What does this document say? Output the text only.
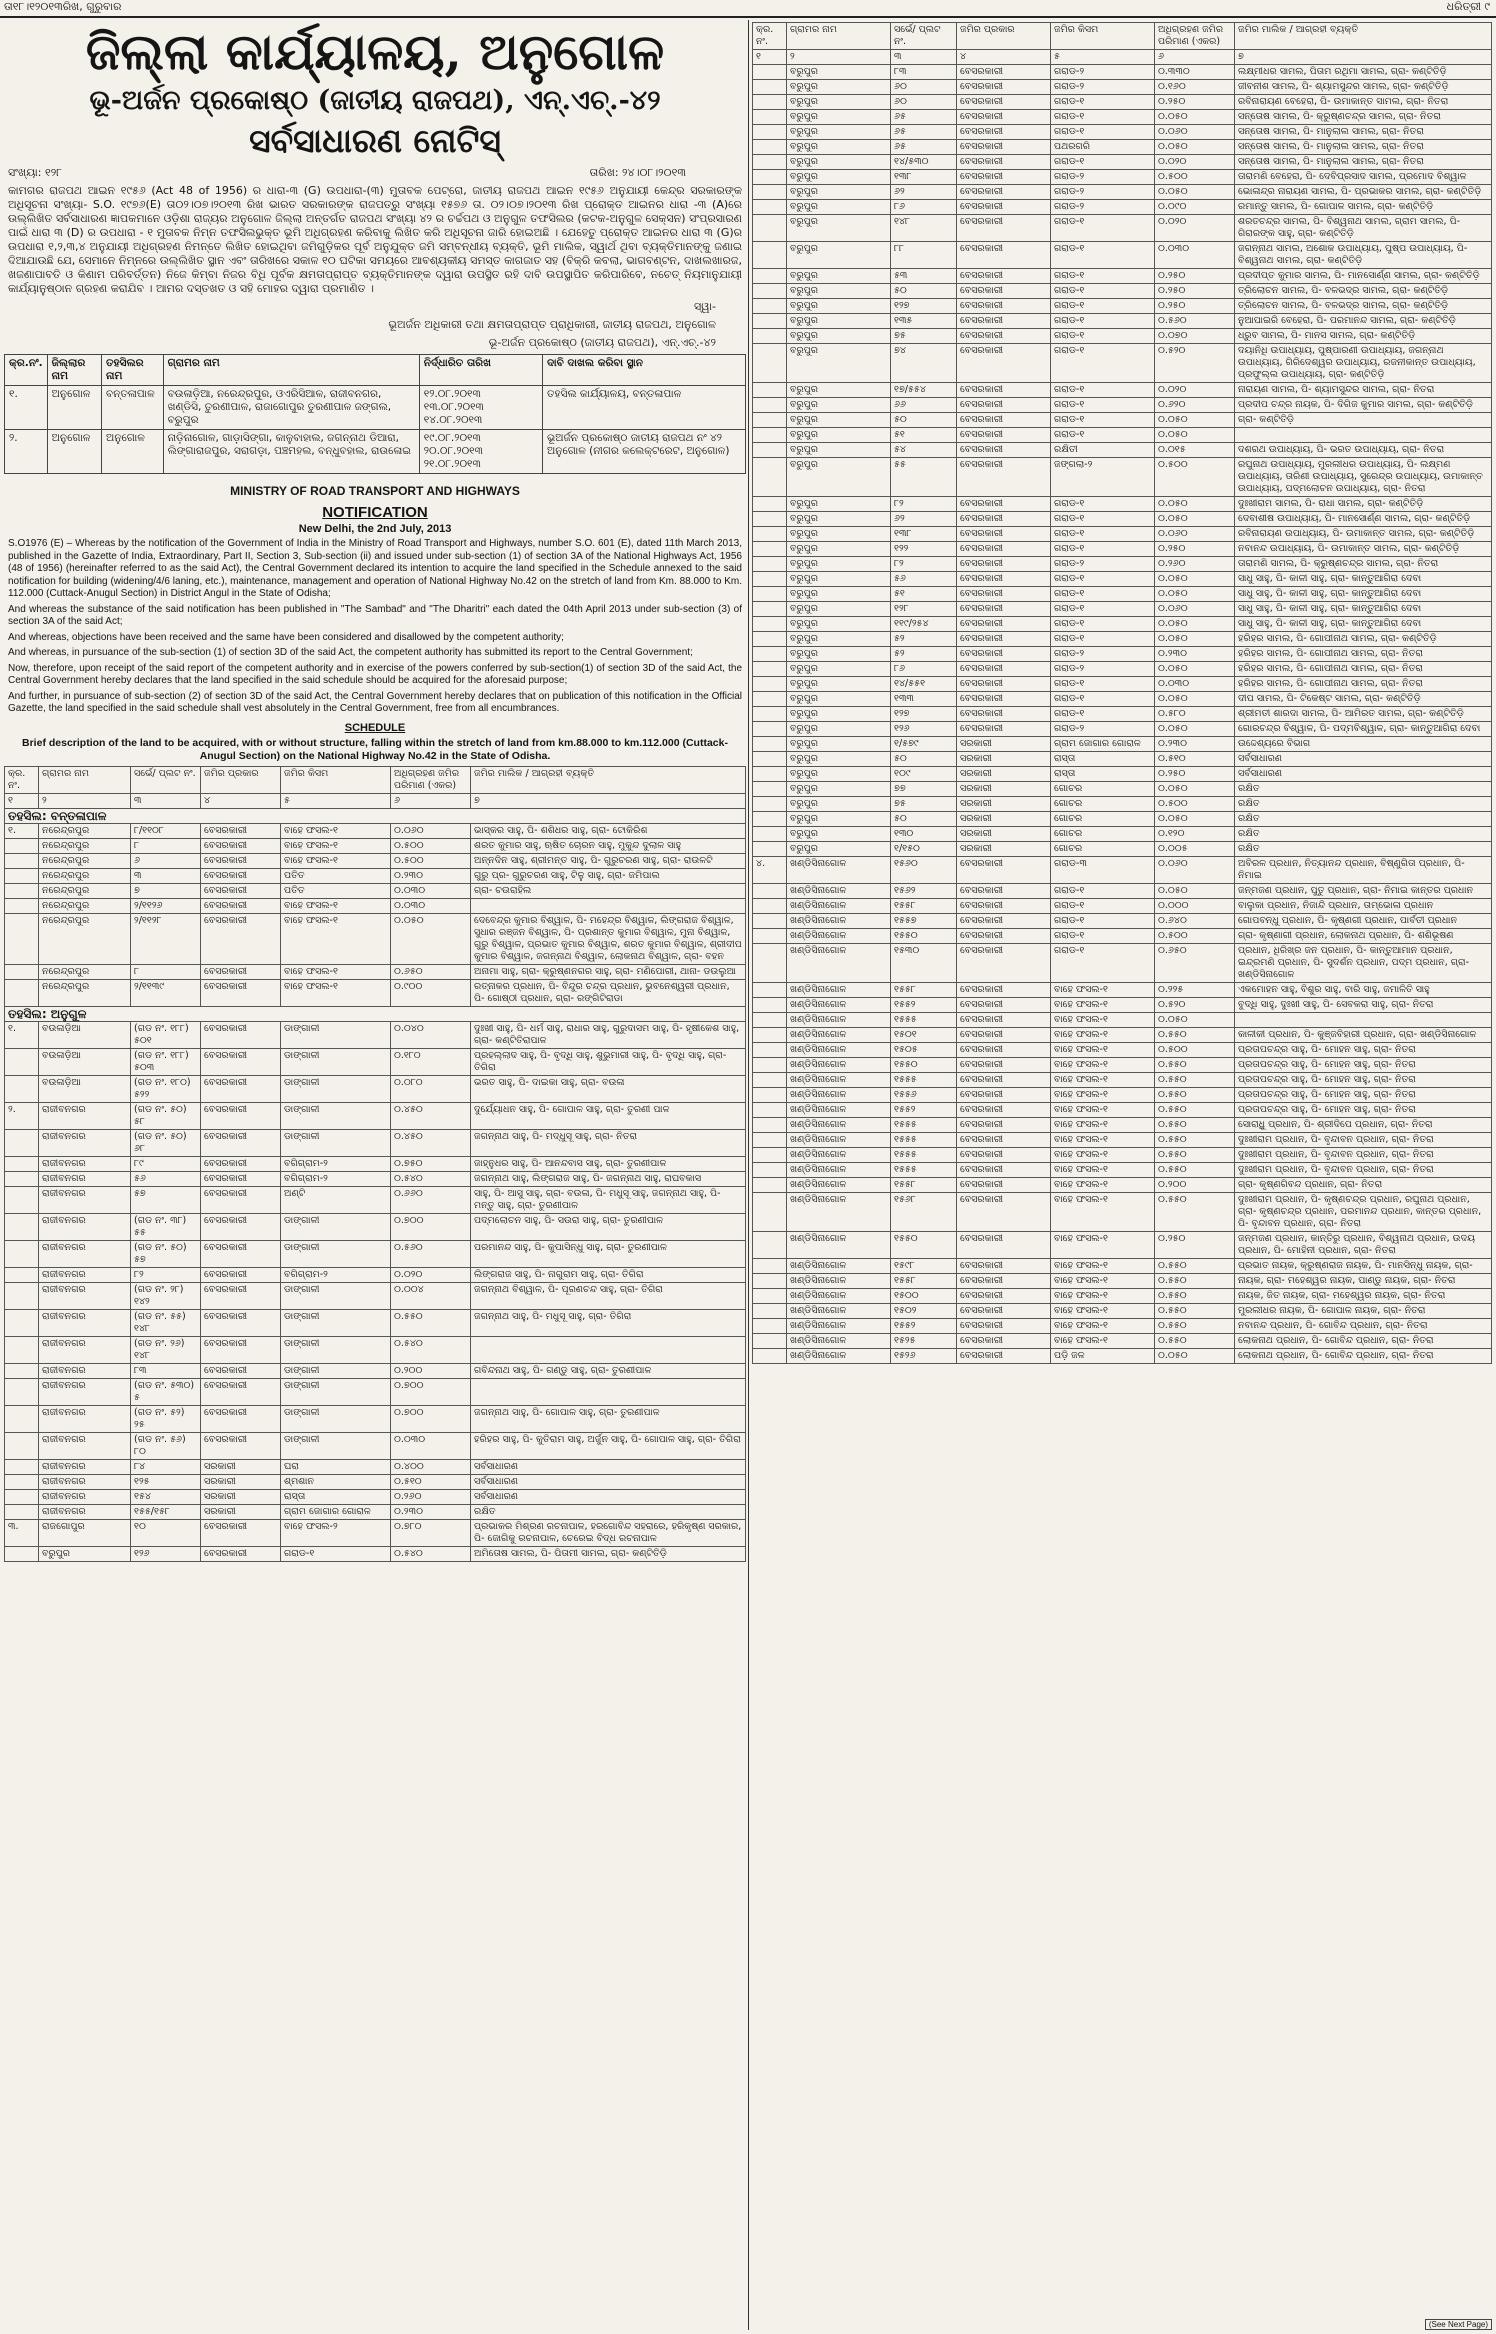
ତା୧୮।୧୨୦୧୩ରିଖ, ଗୁରୁବାର	ଧରିତ୍ରୀ ୯
ଜିଲ୍ଲା କାର୍ଯ୍ୟାଳୟ, ଅନୁଗୋଳ
ଭୂ-ଅର୍ଜନ ପ୍ରକୋଷ୍ଠ (ଜାତୀୟ ରାଜପଥ), ଏନ୍.ଏଚ୍.-୪୨
ସର୍ବସାଧାରଣ ନୋଟିସ୍
ସଂଖ୍ୟା: ୧୨୮	ତାରିଖ: ୨୪।୦୮।୨୦୧୩
କାମଗର ରାଜପଥ ଆଇନ ୧୯୫୬ (Act 48 of 1956) ର ଧାରା-୩ (G) ଉପଧାରା-(୩) ମୁତାବକ ପେଟ୍ରୋ, ଜାତୀୟ ରାଜପଥ ଆଇନ ୧୯୫୬ ଅନୁଯାୟୀ କେନ୍ଦ୍ର ସରକାରଙ୍କ ଅଧିସୂଚନା ସଂଖ୍ୟା- S.O. ୧୯୭୬(E) ତା୦୨।୦୭।୨୦୧୩ ରିଖ ଭାରତ ସରକାରଙ୍କ ରାଜପତ୍ରୁ ସଂଖ୍ୟା ୧୫୭୬ ତା. ୦୨।୦୭।୨୦୧୩ ରିଖ ପ୍ରୋକ୍ତ ଆଇନର ଧାରା -୩ (A)ରେ ଉଲ୍ଲିଖିତ ସର୍ବସାଧାରଣ ଜ୍ଞାପକମାନେ ଓଡ଼ିଶା ରାଜ୍ୟର ଅନୁଗୋଳ ଜିଲ୍ଲା ଅନ୍ତର୍ଗତ ରାଜପଥ ସଂଖ୍ୟା ୪୨ ର ଚର୍ଚ୍ଚପଥ ଓ ଅନୁଗୁଳ ତଫସିଲର (କଟକ-ଅନୁଗୁଳ ସେକ୍ସନ) ସଂପ୍ରସାରଣ ପାଇଁ ଧାରା ୩ (D) ର ଉପଧାରା - ୧ ମୁତାବକ ନିମ୍ନ ତଫସିଲଭୁକ୍ତ ଭୂମି ଅଧିଗ୍ରହଣ କରିବାକୁ ଲିଖିତ କରି ଅଧିସୂଚନା ଜାରି ହୋଇଅଛି । ଯେହେତୁ ପ୍ରୋକ୍ତ ଆଇନର ଧାରା ୩ (G)ର ଉପଧାରା ୧,୨,୩,୪ ଅନୁଯାୟୀ ଅଧିଗ୍ରହଣ ନିମନ୍ତେ ଲିଖିତ ହୋଇଥିବା ଜମିଗୁଡ଼ିକର ପୂର୍ବ ଅନୁଯୁକ୍ତ ଜମି ସମ୍ବନ୍ଧୀୟ ବ୍ୟକ୍ତି, ଭୂମି ମାଲିକ, ସ୍ୱାର୍ଥ ଥିବା ବ୍ୟକ୍ତିମାନଙ୍କୁ ଜଣାଇ ଦିଆଯାଉଛି ଯେ, ସେମାନେ ନିମ୍ନରେ ଉଲ୍ଲିଖିତ ସ୍ଥାନ ଏବଂ ତାରିଖରେ ସକାଳ ୧୦ ଘଟିକା ସମୟରେ ଆବଶ୍ୟକୀୟ ସମସ୍ତ କାଗଜାତ ସହ (ବିକ୍ରି କବଲା, ଭାଗବଣ୍ଟନ, ଦାଖଲଖାରଜ, ଖଜଣାପାବତି ଓ କିଣାମ ପରିବର୍ତ୍ତନ) ନିଜେ କିମ୍ବା ନିଜର ବିଧି ପୂର୍ବକ କ୍ଷମତାପ୍ରାପ୍ତ ବ୍ୟକ୍ତିମାନଙ୍କ ଦ୍ୱାରା ଉପସ୍ଥିତ ରହି ଦାବି ଉପସ୍ଥାପିତ କରିପାରିବେ, ନଚେତ୍ ନିୟମାନୁଯାୟୀ କାର୍ଯ୍ୟାନୁଷ୍ଠାନ ଗ୍ରହଣ କରାଯିବ । ଆମର ଦସ୍ତଖତ ଓ ସହି ମୋହର ଦ୍ୱାରା ପ୍ରମାଣିତ ।
ସ୍ୱା-
ଭୂଅର୍ଜନ ଅଧିକାରୀ ତଥା କ୍ଷମତାପ୍ରାପ୍ତ ପ୍ରାଧିକାରୀ, ଜାତୀୟ ରାଜପଥ, ଅନୁଗୋଳ
ଭୂ-ଅର୍ଜନ ପ୍ରକୋଷ୍ଠ (ଜାତୀୟ ରାଜପଥ), ଏନ୍.ଏଚ୍.-୪୨
କ୍ର.ନଂ.	ଜିଲ୍ଲାର ନାମ	ତହସିଲର ନାମ	ଗ୍ରାମର ନାମ	ନିର୍ଦ୍ଧାରିତ ତାରିଖ	ଦାବି ଦାଖଲ କରିବା ସ୍ଥାନ
୧.	ଅନୁଗୋଳ	ବନ୍ତଳାପାଳ	ବଉଳାଡ଼ିଆ, ନରେନ୍ଦ୍ରପୁର, ଓଏରିସିଆଳ, ରାଜୀବନଗର, ଖଣ୍ଡିସି, ତୁରଣୀପାଳ, ରାଜାଗୋପୁର ତୁରଣୀପାଳ ଜଙ୍ଗଲ, ବରୁପୁର	୧୨.୦୮.୨୦୧୩ ୧୩.୦୮.୨୦୧୩ ୧୪.୦୮.୨୦୧୩	ତହସିଲ କାର୍ଯ୍ୟାଳୟ, ବନ୍ତଳାପାଳ
୨.	ଅନୁଗୋଳ	ଅନୁଗୋଳ	ନାଡ଼ିନାଗୋଳ, ଗାଡ଼ାସିଙ୍ଗା, କାଳୁବାହାଲ, ଜଗନ୍ନାଥ ଡିଆରା, ଲିଙ୍ଗାରାଜପୁର, ସରାଗଡ଼ା, ପଞ୍ଚମହଲ, ବନ୍ଧୁବହାଲ, ରାଉଳୋଇ	୧୯.୦୮.୨୦୧୩ ୨୦.୦୮.୨୦୧୩ ୨୧.୦୮.୨୦୧୩	ଭୂଅର୍ଜନ ପ୍ରକୋଷ୍ଠ ଜାତୀୟ ରାଜପଥ ନଂ ୪୨ ଅନୁଗୋଳ (ନୀଗର କଲେକ୍ଟରେଟ, ଅନୁଗୋଳ)
MINISTRY OF ROAD TRANSPORT AND HIGHWAYS
NOTIFICATION
New Delhi, the 2nd July, 2013
S.O1976 (E) – Whereas by the notification of the Government of India in the Ministry of Road Transport and Highways, number S.O. 601 (E), dated 11th March 2013, published in the Gazette of India, Extraordinary, Part II, Section 3, Sub-section (ii) and issued under sub-section (1) of section 3A of the National Highways Act, 1956 (48 of 1956) (hereinafter referred to as the said Act), the Central Government declared its intention to acquire the land specified in the Schedule annexed to the said notification for building (widening/4/6 laning, etc.), maintenance, management and operation of National Highway No.42 on the stretch of land from Km. 88.000 to Km. 112.000 (Cuttack-Anugul Section) in District Angul in the State of Odisha;
And whereas the substance of the said notification has been published in "The Sambad" and "The Dharitri" each dated the 04th April 2013 under sub-section (3) of section 3A of the said Act;
And whereas, objections have been received and the same have been considered and disallowed by the competent authority;
And whereas, in pursuance of the sub-section (1) of section 3D of the said Act, the competent authority has submitted its report to the Central Government;
Now, therefore, upon receipt of the said report of the competent authority and in exercise of the powers conferred by sub-section(1) of section 3D of the said Act, the Central Government hereby declares that the land specified in the said schedule should be acquired for the aforesaid purpose;
And further, in pursuance of sub-section (2) of section 3D of the said Act, the Central Government hereby declares that on publication of this notification in the Official Gazette, the land specified in the said schedule shall vest absolutely in the Central Government, free from all encumbrances.
SCHEDULE
Brief description of the land to be acquired, with or without structure, falling within the stretch of land from km.88.000 to km.112.000 (Cuttack-Anugul Section) on the National Highway No.42 in the State of Odisha.
କ୍ର. ନଂ.	ଗ୍ରାମର ନାମ	ସର୍ଭେ/ ପ୍ଲଟ ନଂ.	ଜମିର ପ୍ରକାର	ଜମିର କିସମ	ଅଧିଗ୍ରହଣ ଜମିର ପରିମାଣ (ଏକର)	ଜମିର ମାଲିକ / ଆଗ୍ରହୀ ବ୍ୟକ୍ତି
୧	୨	୩	୪	୫	୬	୭
ତହସିଲ: ବନ୍ତଳାପାଳ						
୧.	ନରେନ୍ଦ୍ରପୁର	୮/୧୧୦୮	ବେସରକାରୀ	ବାହେ ଫସଲ-୧	୦.୦୬୦	ଭାସ୍କର ସାହୁ, ପି- ଶଶିଧର ସାହୁ, ଗ୍ରା- ଟୋକିରିଶ
	ନରେନ୍ଦ୍ରପୁର	୮	ବେସରକାରୀ	ବାହେ ଫସଲ-୧	୦.୫୦୦	ଶରତ କୁମାର ସାହୁ, ଋଷିତ ଚୋରନ ସାହୁ, ମୁକୁନ୍ଦ ଦୁଲାଳ ସାହୁ
	ନରେନ୍ଦ୍ରପୁର	୬	ବେସରକାରୀ	ବାହେ ଫସଲ-୧	୦.୫୦୦	ଅନ୍ନଦିନ ସାହୁ, ଶ୍ରୀମନ୍ତ ସାହୁ, ପି- ଗୁରୁଚରଣ ସାହୁ, ଗ୍ରା- ରାଉଳଟି
	ନରେନ୍ଦ୍ରପୁର	୩	ବେସରକାରୀ	ପତିତ	୦.୨୩୦	ଗୁରୁ ପ୍ର- ଗୁରୁଚରଣ ସାହୁ, ଟିଳୁ ସାହୁ, ଗ୍ରା- ଜମିପାଲ
	ନରେନ୍ଦ୍ରପୁର	୭	ବେସରକାରୀ	ପତିତ	୦.୦୩୦	ଗ୍ରା- ଚଉରାହିଲ
	ନରେନ୍ଦ୍ରପୁର	୨/୧୧୨୬	ବେସରକାରୀ	ବାହେ ଫସଲ-୧	୦.୦୩୦	
	ନରେନ୍ଦ୍ରପୁର	୨/୧୧୨୮	ବେସରକାରୀ	ବାହେ ଫସଲ-୧	୦.୦୫୦	ଦେବେନ୍ଦ୍ର କୁମାର ବିଶ୍ୱାଳ, ପି- ମହେନ୍ଦ୍ର ବିଶ୍ୱାଳ, ଲିଙ୍ଗରାଜ ବିଶ୍ୱାଳ, ସୁଧାର ରଞ୍ଜନ ବିଶ୍ୱାଳ, ପି- ପ୍ରଶାନ୍ତ କୁମାର ବିଶ୍ୱାଳ, ମୁନା ବିଶ୍ୱାଳ, ଗୁରୁ ବିଶ୍ୱାଳ, ପ୍ରଭାତ କୁମାର ବିଶ୍ୱାଳ, ଶରତ କୁମାର ବିଶ୍ୱାଳ, ଶ୍ରୀଦୀପ କୁମାର ବିଶ୍ୱାଳ, ଜଗନ୍ନାଥ ବିଶ୍ୱାଳ, ଲୋକନାଥ ବିଶ୍ୱାଳ, ଗ୍ରା- ବହନ
	ନରେନ୍ଦ୍ରପୁର	୮	ବେସରକାରୀ	ବାହେ ଫସଲ-୧	୦.୬୫୦	ଅନାମା ସାହୁ, ଗ୍ରା- କ୍ରୁଷ୍ଣନଗର ସାହୁ, ଗ୍ରା- ମଣିପୋରୀ, ଥାନା- ଡଉଲୁଆ
	ନରେନ୍ଦ୍ରପୁର	୨/୧୧୩୯	ବେସରକାରୀ	ବାହେ ଫସଲ-୧	୦.୯୦୦	ରତ୍ନାକର ପ୍ରଧାନ, ପି- ବିନ୍ଦୁର ଚନ୍ଦ୍ର ପ୍ରଧାନ, ଭୁବନେଶ୍ୱରୀ ପ୍ରଧାନ, ପି- ଗୋଷ୍ଠୀ ପ୍ରଧାନ, ଗ୍ରା- ରଙ୍ଗିଟିରାଡା
ତହସିଲ: ଅନୁଗୁଳ						
୧.	ବଉଳାଡ଼ିଆ	(ଗଡ ନଂ. ୧୮୮) ୫୦୧	ବେସରକାରୀ	ଡାଙ୍ଗାଳୀ	୦.୦୪୦	ଦୁଃଖୀ ସାହୁ, ପି- ଧର୍ମ ସାହୁ, ରାଧାର ସାହୁ, ଗୁରୁଦାସମ ସାହୁ, ପି- ହୃଷୀକେଶ ସାହୁ, ଗ୍ରା- କଣ୍ଟିତିରାପାଳ
	ବଉଳାଡ଼ିଆ	(ଗଡ ନଂ. ୧୮୮) ୫୦୩	ବେସରକାରୀ	ଡାଙ୍ଗାଳୀ	୦.୧୮୦	ପ୍ରହଲ୍ଲାଦ ସାହୁ, ପି- ବୃଦ୍ଧି ସାହୁ, ଶୁଭୁମାରୀ ସାହୁ, ପି- ବୃଦ୍ଧି ସାହୁ, ଗ୍ରା- ତିଗିରା
	ବଉଳାଡ଼ିଆ	(ଗଡ ନଂ. ୧୮୦) ୫୨୨	ବେସରକାରୀ	ଡାଙ୍ଗାଳୀ	୦.୦୮୦	ଭରତ ସାହୁ, ପି- ଦାଇକା ସାହୁ, ଗ୍ରା- ବଉଳା
୨.	ରାଜୀବନଗର	(ଗଡ ନଂ. ୫୦) ୫୮	ବେସରକାରୀ	ଡାଙ୍ଗାଳୀ	୦.୪୫୦	ଦୁର୍ଯ୍ୟୋଧନ ସାହୁ, ପି- ଗୋପାଳ ସାହୁ, ଗ୍ରା- ତୁରଣୀ ପାଳ
	ରାଜୀବନଗର	(ଗଡ ନଂ. ୫୦) ୬୮	ବେସରକାରୀ	ଡାଙ୍ଗାଳୀ	୦.୪୫୦	ଜଗନ୍ନାଥ ସାହୁ, ପି- ମଦ୍ଧୁସୂ ସାହୁ, ଗ୍ରା- ନିତରା
	ରାଜୀବନଗର	୮୯	ବେସରକାରୀ	ବଗିଗ୍ରାମ-୨	୦.୭୫୦	ଜାହ୍ନୁଧର ସାହୁ, ପି- ଆନନ୍ଦବାସ ସାହୁ, ଗ୍ରା- ତୁରଣୀପାଳ
	ରାଜୀବନଗର	୫୬	ବେସରକାରୀ	ବଗିଗ୍ରାମ-୨	୦.୫୪୦	ଜଗନ୍ନାଥ ସାହୁ, ଲିଙ୍ଗରାଜ ସାହୁ, ପି- ଜଗନ୍ନାଥ ସାହୁ, ରାଘବକାସ
	ରାଜୀବନଗର	୫୭	ବେସରକାରୀ	ଅଣ୍ଟି	୦.୬୬୦	ସାହୁ, ପି- ଆସୁ ସାହୁ, ଗ୍ରା- ବଉଳା, ପି- ମଧୁସୂ ସାହୁ, ଜଗନ୍ନାଥ ସାହୁ, ପି- ମନ୍ତୁ ସାହୁ, ଗ୍ରା- ତୁରଣୀପାଳ
	ରାଜୀବନଗର	(ଗଡ ନଂ. ୩୮) ୫୫	ବେସରକାରୀ	ଡାଙ୍ଗାଳୀ	୦.୭୦୦	ପଦ୍ମଲୋଚନ ସାହୁ, ପି- ସଉରା ସାହୁ, ଗ୍ରା- ତୁରଣୀପାଳ
	ରାଜୀବନଗର	(ଗଡ ନଂ. ୫୦) ୫୭	ବେସରକାରୀ	ଡାଙ୍ଗାଳୀ	୦.୫୬୦	ପରମାନନ୍ଦ ସାହୁ, ପି- କୁପାସିନ୍ଧୁ ସାହୁ, ଗ୍ରା- ତୁରଣୀପାଳ
	ରାଜୀବନଗର	୮୨	ବେସରକାରୀ	ବଗିଗ୍ରାମ-୨	୦.୦୨୦	ଲିଙ୍ଗରାଜ ସାହୁ, ପି- ନାଗୁରାମ ସାହୁ, ଗ୍ରା- ତିଗିରା
	ରାଜୀବନଗର	(ଗଡ ନଂ. ୨୮) ୧୪୨	ବେସରକାରୀ	ଡାଙ୍ଗାଳୀ	୦.୦୦୪	ଜଗନ୍ନାଥ ବିଶ୍ୱାଳ, ପି- ପୂରଣଚନ୍ଦ ସାହୁ, ଗ୍ରା- ତିଗିରା
	ରାଜୀବନଗର	(ଗଡ ନଂ. ୫୫) ୧୪୮	ବେସରକାରୀ	ଡାଙ୍ଗାଳୀ	୦.୫୫୦	ଜଗନ୍ନାଥ ସାହୁ, ପି- ମଧୁସୂ ସାହୁ, ଗ୍ରା- ତିଗିରା
	ରାଜୀବନଗର	(ଗଡ ନଂ. ୨୬) ୧୪୮	ବେସରକାରୀ	ଡାଙ୍ଗାଳୀ	୦.୫୪୦	
	ରାଜୀବନଗର	୮୩	ବେସରକାରୀ	ଡାଙ୍ଗାଳୀ	୦.୨୦୦	ଗବିନ୍ଦନାଥ ସାହୁ, ପି- ଗଣ୍ଡୁ ସାହୁ, ଗ୍ରା- ତୁରଣୀପାଳ
	ରାଜୀବନଗର	(ଗଡ ନଂ. ୫୩୦) ୫	ବେସରକାରୀ	ଡାଙ୍ଗାଳୀ	୦.୭୦୦	
	ରାଜୀବନଗର	(ଗଡ ନଂ. ୫୨) ୨୫	ବେସରକାରୀ	ଡାଙ୍ଗାଳୀ	୦.୭୦୦	ଜଗନ୍ନାଥ ସାହୁ, ପି- ଗୋପାଳ ସାହୁ, ଗ୍ରା- ତୁରଣୀପାଳ
	ରାଜୀବନଗର	(ଗଡ ନଂ. ୫୬) ୮୦	ବେସରକାରୀ	ଡାଙ୍ଗାଳୀ	୦.୦୩୦	ହରିହର ସାହୁ, ପି- କୁତିରାମ ସାହୁ, ଅର୍ଜୁନ ସାହୁ, ପି- ଗୋପାଳ ସାହୁ, ଗ୍ରା- ତିଗିରା
	ରାଜୀବନଗର	୮୪	ସରକାରୀ	ଘରା	୦.୪୦୦	ସର୍ବସାଧାରଣ
	ରାଜୀବନଗର	୧୨୫	ସରକାରୀ	ଶ୍ମଶାନ	୦.୫୧୦	ସର୍ବସାଧାରଣ
	ରାଜୀବନଗର	୧୫୪	ସରକାରୀ	ରାସ୍ତା	୦.୨୬୦	ସର୍ବସାଧାରଣ
	ରାଜୀବନଗର	୧୫୫/୧୫୮	ସରକାରୀ	ଗ୍ରାମ ଜୋଗାର ଗୋରାଳ	୦.୨୩୦	ରକ୍ଷିତ
୩.	ରାଜଗୋପୁର	୧୦	ବେସରକାରୀ	ବାହେ ଫସଲ-୨	୦.୭୮୦	ପ୍ରଭାକର ମିଶ୍ରଣ ରଚନାପାଳ, ହରଗୋବିନ୍ଦ ସହରାରେ, ହରିକୃଷ୍ଣ ସରକାର, ପି- ଜୋଗିକୁ ରଚନାପାଳ, ଚେରେଇ ବିଦ୍ଧ ରଚନାପାଳ
	ବରୁପୁର	୧୨୬	ବେସରକାରୀ	ଗରାଡ-୧	୦.୫୪୦	ଅମିତୋଷ ସାମଲ, ପି- ପିତାମୀ ସାମଲ, ଗ୍ରା- କଣ୍ଟିତିଡ଼ି
କ୍ର. ନଂ.	ଗ୍ରାମର ନାମ	ସର୍ଭେ/ ପ୍ଲଟ ନଂ.	ଜମିର ପ୍ରକାର	ଜମିର କିସମ	ଅଧିଗ୍ରହଣ ଜମିର ପରିମାଣ (ଏକର)	ଜମିର ମାଲିକ / ଆଗ୍ରହୀ ବ୍ୟକ୍ତି
୧	୨	୩	୪	୫	୬	୭
	ବରୁପୁର	୮୩	ବେସରକାରୀ	ଗରାଡ-୨	୦.୩୩୦	ଲକ୍ଷ୍ମୀଧର ସାମଲ, ପିତାମ ରଥିମା ସାମଲ, ଗ୍ରା- କଣ୍ଟିତିଡ଼ି
	ବରୁପୁର	୬୦	ବେସରକାରୀ	ଗରାଡ-୨	୦.୧୬୦	ଜୀବନୀଶ ସାମଲ, ପି- ଶ୍ୟାମସୁନ୍ଦର ସାମଲ, ଗ୍ରା- କଣ୍ଟିତିଡ଼ି
	ବରୁପୁର	୬୦	ବେସରକାରୀ	ଗରାଡ-୧	୦.୨୫୦	ରବିନାରାୟଣ ବେହେରା, ପି- ଉମାକାନ୍ତ ସାମଲ, ଗ୍ରା- ନିତରା
	ବରୁପୁର	୬୫	ବେସରକାରୀ	ଗରାଡ-୧	୦.୦୫୦	ସନ୍ତୋଷ ସାମଲ, ପି- କ୍ରୁଷ୍ଣଚନ୍ଦ୍ର ସାମଲ, ଗ୍ରା- ନିତରା
	ବରୁପୁର	୬୫	ବେସରକାରୀ	ଗରାଡ-୧	୦.୦୬୦	ସନ୍ତୋଷ ସାମଲ, ପି- ମାନୁଲାଲ ସାମଲ, ଗ୍ରା- ନିତରା
	ବରୁପୁର	୬୫	ବେସରକାରୀ	ପଥରଗରି	୦.୦୫୦	ସନ୍ତୋଷ ସାମଲ, ପି- ମାନୁଲାଲ ସାମଲ, ଗ୍ରା- ନିତରା
	ବରୁପୁର	୧୪/୫୩୦	ବେସରକାରୀ	ଗରାଡ-୧	୦.୦୨୦	ସନ୍ତୋଷ ସାମଲ, ପି- ମାନୁଲାଲ ସାମଲ, ଗ୍ରା- ନିତରା
	ବରୁପୁର	୧୩୮	ବେସରକାରୀ	ଗରାଡ-୨	୦.୫୦୦	ତାରାମଣି ବେହେରା, ପି- ଦେବିପ୍ରସାଦ ସାମଲ, ପ୍ରମୋଦ ବିଶ୍ୱାଳ
	ବରୁପୁର	୬୨	ବେସରକାରୀ	ଗରାଡ-୨	୦.୦୫୦	ଭୋଳାନ୍ଦ୍ର ନାରାୟଣ ସାମଲ, ପି- ପ୍ରଭାକର ସାମଲ, ଗ୍ରା- କଣ୍ଟିତିଡ଼ି
	ବରୁପୁର	୮୬	ବେସରକାରୀ	ଗରାଡ-୨	୦.୦୯୦	ରମାନ୍ତୁ ସାମଲ, ପି- ଗୋପାଳ ସାମଲ, ଗ୍ରା- କଣ୍ଟିତିଡ଼ି
	ବରୁପୁର	୧୪୮	ବେସରକାରୀ	ଗରାଡ-୧	୦.୦୨୦	ଶରତଚନ୍ଦ୍ର ସାମଲ, ପି- ବିଶ୍ୱନାଥ ସାମଲ, ଗ୍ରାମ ସାମଲ, ପି- ଗିରାରଙ୍କ ସାହୁ, ଗ୍ରା- କଣ୍ଟିତିଡ଼ି
	ବରୁପୁର	୮୮	ବେସରକାରୀ	ଗରାଡ-୧	୦.୦୩୦	ଜଗନ୍ନାଥ ସାମଲ, ଅଶୋକ ଉପାଧ୍ୟାୟ, ପୁଷ୍ପ ଉପାଧ୍ୟାୟ, ପି- ବିଶ୍ୱନାଥ ସାମଲ, ଗ୍ରା- କଣ୍ଟିତିଡ଼ି
	ବରୁପୁର	୫୩	ବେସରକାରୀ	ଗରାଡ-୧	୦.୨୫୦	ପ୍ରଦୀପ୍ତ କୁମାର ସାମଲ, ପି- ମାନସୋର୍ଣ୍ଣ ସାମଲ, ଗ୍ରା- କଣ୍ଟିତିଡ଼ି
	ବରୁପୁର	୫୦	ବେସରକାରୀ	ଗରାଡ-୧	୦.୨୫୦	ତ୍ରିଲୋଚନ ସାମଲ, ପି- ବଳଭଦ୍ର ସାମଲ, ଗ୍ରା- କଣ୍ଟିତିଡ଼ି
	ବରୁପୁର	୧୨୭	ବେସରକାରୀ	ଗରାଡ-୧	୦.୨୫୦	ତ୍ରିଲୋଚନ ସାମଲ, ପି- ବଳଭଦ୍ର ସାମଲ, ଗ୍ରା- କଣ୍ଟିତିଡ଼ି
	ବରୁପୁର	୧୩୫	ବେସରକାରୀ	ଗରାଡ-୧	୦.୫୬୦	ନୁଆପାଇରି ବେହେରା, ପି- ପରମାନନ୍ଦ ସାମଲ, ଗ୍ରା- କଣ୍ଟିତିଡ଼ି
	ବରୁପୁର	୭୫	ବେସରକାରୀ	ଗରାଡ-୧	୦.୦୭୦	ଧ୍ରୁବ ସାମଲ, ପି- ମାନସ ସାମଲ, ଗ୍ରା- କଣ୍ଟିତିଡ଼ି
	ବରୁପୁର	୭୪	ବେସରକାରୀ	ଗରାଡ-୧	୦.୫୨୦	ଦୟାନିଧି ଉପାଧ୍ୟାୟ, ପୁଷ୍ପାରଣୀ ଉପାଧ୍ୟାୟ, ଜଗନ୍ନାଥ ଉପାଧ୍ୟାୟ, ଗିରିଦେଶ୍ୱର ଉପାଧ୍ୟାୟ, ରଜନୀକାନ୍ତ ଉପାଧ୍ୟାୟ, ପ୍ରଫୁଲ୍ଲ ଉପାଧ୍ୟାୟ, ଗ୍ରା- କଣ୍ଟିତିଡ଼ି
	ବରୁପୁର	୧୭/୫୫୪	ବେସରକାରୀ	ଗରାଡ-୧	୦.୦୨୦	ନାରାୟଣ ସାମଲ, ପି- ଶ୍ୟାମସୁନ୍ଦର ସାମଲ, ଗ୍ରା- ନିତରା
	ବରୁପୁର	୬୬	ବେସରକାରୀ	ଗରାଡ-୧	୦.୬୨୦	ପ୍ରଦୀପ ଚନ୍ଦ୍ର ନାୟକ, ପି- ଦିଗିଜ କୁମାର ସାମଲ, ଗ୍ରା- କଣ୍ଟିତିଡ଼ି
	ବରୁପୁର	୫୦	ବେସରକାରୀ	ଗରାଡ-୧	୦.୦୫୦	ଗ୍ରା- କଣ୍ଟିତିଡ଼ି
	ବରୁପୁର	୫୧	ବେସରକାରୀ	ଗରାଡ-୧	୦.୦୫୦	
	ବରୁପୁର	୫୪	ବେସରକାରୀ	ରକ୍ଷିତୀ	୦.୦୧୫	ଦଶରଥ ଉପାଧ୍ୟାୟ, ପି- ଭରତ ଉପାଧ୍ୟାୟ, ଗ୍ରା- ନିତରା
	ବରୁପୁର	୫୫	ବେସରକାରୀ	ଜଙ୍ଗଲା-୨	୦.୫୦୦	ରଘୁନାଥ ଉପାଧ୍ୟାୟ, ମୁରଲୀଧର ଉପାଧ୍ୟାୟ, ପି- ଲକ୍ଷ୍ମଣ ଉପାଧ୍ୟାୟ, ତାରିଣୀ ଉପାଧ୍ୟାୟ, ସୁରେନ୍ଦ୍ର ଉପାଧ୍ୟାୟ, ଉମାକାନ୍ତ ଉପାଧ୍ୟାୟ, ପଦ୍ମଲୋଚନ ଉପାଧ୍ୟାୟ, ଗ୍ରା- ନିତରା
	ବରୁପୁର	୮୨	ବେସରକାରୀ	ଗରାଡ-୧	୦.୦୫୦	ଦୁଃଖୀରାମ ସାମଲ, ପି- ରାଧା ସାମଲ, ଗ୍ରା- କଣ୍ଟିତିଡ଼ି
	ବରୁପୁର	୬୨	ବେସରକାରୀ	ଗରାଡ-୧	୦.୦୫୦	ଦେବାଶୀଷ ଉପାଧ୍ୟାୟ, ପି- ମାନସୋର୍ଣ୍ଣ ସାମଲ, ଗ୍ରା- କଣ୍ଟିତିଡ଼ି
	ବରୁପୁର	୧୩୮	ବେସରକାରୀ	ଗରାଡ-୧	୦.୦୬୦	ରବିନାରାୟଣ ଉପାଧ୍ୟାୟ, ପି- ଉମାକାନ୍ତ ସାମଲ, ଗ୍ରା- କଣ୍ଟିତିଡ଼ି
	ବରୁପୁର	୧୨୨	ବେସରକାରୀ	ଗରାଡ-୧	୦.୨୫୦	ନବାନନ୍ଦ ଉପାଧ୍ୟାୟ, ପି- ଉମାକାନ୍ତ ସାମଲ, ଗ୍ରା- କଣ୍ଟିତିଡ଼ି
	ବରୁପୁର	୮୨	ବେସରକାରୀ	ଗରାଡ-୨	୦.୨୬୦	ତାରାମଣି ସାମଲ, ପି- କ୍ରୁଷ୍ଣଚନ୍ଦ୍ର ସାମଲ, ଗ୍ରା- ନିତରା
	ବରୁପୁର	୫୬	ବେସରକାରୀ	ଗରାଡ-୧	୦.୦୫୦	ସାଧୁ ସାହୁ, ପି- କାଳୀ ସାହୁ, ଗ୍ରା- କାନ୍ତୁଆଗିରା ଦେବା
	ବରୁପୁର	୫୧	ବେସରକାରୀ	ଗରାଡ-୧	୦.୦୫୦	ସାଧୁ ସାହୁ, ପି- କାଳୀ ସାହୁ, ଗ୍ରା- କାନ୍ତୁଆଗିରା ଦେବା
	ବରୁପୁର	୧୨୮	ବେସରକାରୀ	ଗରାଡ-୧	୦.୦୬୦	ସାଧୁ ସାହୁ, ପି- କାଳୀ ସାହୁ, ଗ୍ରା- କାନ୍ତୁଆଗିରା ଦେବା
	ବରୁପୁର	୧୧୯/୨୫୪	ବେସରକାରୀ	ଗରାଡ-୧	୦.୦୫୦	ସାଧୁ ସାହୁ, ପି- କାଳୀ ସାହୁ, ଗ୍ରା- କାନ୍ତୁଆଗିରା ଦେବା
	ବରୁପୁର	୫୨	ବେସରକାରୀ	ଗରାଡ-୧	୦.୦୫୦	ହରିହର ସାମଲ, ପି- ଗୋପୀନାଥ ସାମଲ, ଗ୍ରା- କଣ୍ଟିତିଡ଼ି
	ବରୁପୁର	୫୨	ବେସରକାରୀ	ଗରାଡ-୨	୦.୨୩୦	ହରିହର ସାମଲ, ପି- ଗୋପୀନାଥ ସାମଲ, ଗ୍ରା- ନିତରା
	ବରୁପୁର	୮୬	ବେସରକାରୀ	ଗରାଡ-୨	୦.୦୫୦	ହରିହର ସାମଲ, ପି- ଗୋପୀନାଥ ସାମଲ, ଗ୍ରା- ନିତରା
	ବରୁପୁର	୧୪/୫୫୧	ବେସରକାରୀ	ଗରାଡ-୧	୦.୦୩୦	ହରିହର ସାମଲ, ପି- ଗୋପୀନାଥ ସାମଲ, ଗ୍ରା- ନିତରା
	ବରୁପୁର	୧୩୩	ବେସରକାରୀ	ଗରାଡ-୧	୦.୦୫୦	ଦୀପ ସାମଲ, ପି- ଟିକେଷ୍ଟ ସାମଲ, ଗ୍ରା- କଣ୍ଟିତିଡ଼ି
	ବରୁପୁର	୧୨୭	ବେସରକାରୀ	ଗରାଡ-୧	୦.୫୮୦	ଶ୍ରୀମତୀ ଶାରଦା ସାମଲ, ପି- ଆମିରତ ସାମଲ, ଗ୍ରା- କଣ୍ଟିତିଡ଼ି
	ବରୁପୁର	୧୨୬	ବେସରକାରୀ	ଗରାଡ-୨	୦.୦୫୦	ଗୋରଚନ୍ଦ୍ର ବିଶ୍ୱାଳ, ପି- ପଦ୍ମବିଶ୍ୱାଳ, ଗ୍ରା- କାନ୍ତୁଆଗିରା ଦେବା
	ବରୁପୁର	୧/୫୭୯	ସରକାରୀ	ଗ୍ରାମ ଜୋଗାର ଗୋରାଳ	୦.୨୩୦	ଉଦ୍ଦେଶ୍ୟରେ ବିଭାଗ
	ବରୁପୁର	୫୦	ସରକାରୀ	ରାସ୍ତା	୦.୫୧୦	ସର୍ବସାଧାରଣ
	ବରୁପୁର	୧୦୯	ସରକାରୀ	ରାସ୍ତା	୦.୨୫୦	ସର୍ବସାଧାରଣ
	ବରୁପୁର	୭୭	ସରକାରୀ	ଗୋଚର	୦.୦୫୦	ରକ୍ଷିତ
	ବରୁପୁର	୭୫	ସରକାରୀ	ଗୋଚର	୦.୫୦୦	ରକ୍ଷିତ
	ବରୁପୁର	୫୦	ସରକାରୀ	ଗୋଚର	୦.୦୫୦	ରକ୍ଷିତ
	ବରୁପୁର	୧୩୦	ସରକାରୀ	ଗୋଚର	୦.୧୨୦	ରକ୍ଷିତ
	ବରୁପୁର	୧/୧୫୦	ସରକାରୀ	ଗୋଚର	୦.୦୦୫	ରକ୍ଷିତ
୪.	ଖଣ୍ଡିସିନାଗୋଳ	୧୫୬୦	ବେସରକାରୀ	ଗରାଡ-୩	୦.୦୬୦	ଅବିରଳ ପ୍ରଧାନ, ନିତ୍ୟାନନ୍ଦ ପ୍ରଧାନ, ବିଷ୍ଣୁଗିତା ପ୍ରଧାନ, ପି- ନିମାଇ
	ଖଣ୍ଡିସିନାଗୋଳ	୧୫୬୨	ବେସରକାରୀ	ଗରାଡ-୧	୦.୦୫୦	ଜନ୍ମଜଣ ପ୍ରଧାନ, ପୁତୁ ପ୍ରଧାନ, ଗ୍ରା- ନିମାଇ କାନ୍ତର ପ୍ରଧାନ
	ଖଣ୍ଡିସିନାଗୋଳ	୧୫୫୮	ବେସରକାରୀ	ଗରାଡ-୧	୦.୦୦୦	ବାଲୁକା ପ୍ରଧାନ, ନିଜାନ୍ଦି ପ୍ରଧାନ, ତାମ୍ଭୋଳା ପ୍ରଧାନ
	ଖଣ୍ଡିସିନାଗୋଳ	୧୫୫୭	ବେସରକାରୀ	ଗରାଡ-୧	୦.୬୪୦	ଗୋପବନ୍ଧୁ ପ୍ରଧାନ, ପି- କୃଷ୍ଣଗୀ ପ୍ରଧାନ, ପାର୍ବତୀ ପ୍ରଧାନ
	ଖଣ୍ଡିସିନାଗୋଳ	୧୫୫୦	ବେସରକାରୀ	ଗରାଡ-୧	୦.୫୦୦	ଗ୍ରା- କୃଷ୍ଣାଗୀ ପ୍ରଧାନ, ଲୋକନାଥ ପ୍ରଧାନ, ପି- ଶଶିଭୂଷଣ
	ଖଣ୍ଡିସିନାଗୋଳ	୧୫୩୦	ବେସରକାରୀ	ଗରାଡ-୧	୦.୬୫୦	ପ୍ରଧାନ, ଧିରିଖ୍ର ଜନ ପ୍ରଧାନ, ପି- କାନ୍ତୁଆମାନ ପ୍ରଧାନ, ଇନ୍ଦ୍ରମଣି ପ୍ରଧାନ, ପି- ସୁଦର୍ଶନ ପ୍ରଧାନ, ପଦ୍ମ ପ୍ରଧାନ, ଗ୍ରା- ଖଣ୍ଡିସିନାଗୋଳ
	ଖଣ୍ଡିସିନାଗୋଳ	୧୫୫୮	ବେସରକାରୀ	ବାହେ ଫସଲ-୧	୦.୨୨୫	ଏକମୋହନ ସାହୁ, ବିଶୁର ସାହୁ, ବାରି ସାହୁ, ଜମାଳିତି ସାହୁ
	ଖଣ୍ଡିସିନାଗୋଳ	୧୫୫୨	ବେସରକାରୀ	ବାହେ ଫସଲ-୧	୦.୫୨୦	ବୁଦ୍ଧି ସାହୁ, ଦୁଃଖୀ ସାହୁ, ପି- ସେବକରା ସାହୁ, ଗ୍ରା- ନିତରା
	ଖଣ୍ଡିସିନାଗୋଳ	୧୫୫୫	ବେସରକାରୀ	ବାହେ ଫସଲ-୧	୦.୦୫୦	
	ଖଣ୍ଡିସିନାଗୋଳ	୧୫୦୧	ବେସରକାରୀ	ବାହେ ଫସଲ-୧	୦.୫୫୦	କାଳୀକୀ ପ୍ରଧାନ, ପି- କୁଞ୍ଜବିହାରୀ ପ୍ରଧାନ, ଗ୍ରା- ଖଣ୍ଡିସିନାଗୋଳ
	ଖଣ୍ଡିସିନାଗୋଳ	୧୫୦୫	ବେସରକାରୀ	ବାହେ ଫସଲ-୧	୦.୫୦୦	ପ୍ରତାପଚନ୍ଦ୍ର ସାହୁ, ପି- ମୋହନ ସାହୁ, ଗ୍ରା- ନିତରା
	ଖଣ୍ଡିସିନାଗୋଳ	୧୫୫୦	ବେସରକାରୀ	ବାହେ ଫସଲ-୧	୦.୫୫୦	ପ୍ରତାପଚନ୍ଦ୍ର ସାହୁ, ପି- ମୋହନ ସାହୁ, ଗ୍ରା- ନିତରା
	ଖଣ୍ଡିସିନାଗୋଳ	୧୫୫୫	ବେସରକାରୀ	ବାହେ ଫସଲ-୧	୦.୫୫୦	ପ୍ରତାପଚନ୍ଦ୍ର ସାହୁ, ପି- ମୋହନ ସାହୁ, ଗ୍ରା- ନିତରା
	ଖଣ୍ଡିସିନାଗୋଳ	୧୫୫୬	ବେସରକାରୀ	ବାହେ ଫସଲ-୧	୦.୫୫୦	ପ୍ରତାପଚନ୍ଦ୍ର ସାହୁ, ପି- ମୋହନ ସାହୁ, ଗ୍ରା- ନିତରା
	ଖଣ୍ଡିସିନାଗୋଳ	୧୫୫୨	ବେସରକାରୀ	ବାହେ ଫସଲ-୧	୦.୫୫୦	ପ୍ରତାପଚନ୍ଦ୍ର ସାହୁ, ପି- ମୋହନ ସାହୁ, ଗ୍ରା- ନିତରା
	ଖଣ୍ଡିସିନାଗୋଳ	୧୫୫୫	ବେସରକାରୀ	ବାହେ ଫସଲ-୧	୦.୫୫୦	ସୋରାଧିୁ ପ୍ରଧାନ, ପି- ଶ୍ରୀଦିପେ ପ୍ରଧାନ, ଗ୍ରା- ନିତରା
	ଖଣ୍ଡିସିନାଗୋଳ	୧୫୫୫	ବେସରକାରୀ	ବାହେ ଫସଲ-୧	୦.୫୫୦	ଦୁଃଖୀରାମ ପ୍ରଧାନ, ପି- ବୃନ୍ଦାବନ ପ୍ରଧାନ, ଗ୍ରା- ନିତରା
	ଖଣ୍ଡିସିନାଗୋଳ	୧୫୫୫	ବେସରକାରୀ	ବାହେ ଫସଲ-୧	୦.୫୫୦	ଦୁଃଖୀରାମ ପ୍ରଧାନ, ପି- ବୃନ୍ଦାବନ ପ୍ରଧାନ, ଗ୍ରା- ନିତରା
	ଖଣ୍ଡିସିନାଗୋଳ	୧୫୫୫	ବେସରକାରୀ	ବାହେ ଫସଲ-୧	୦.୫୫୦	ଦୁଃଖୀରାମ ପ୍ରଧାନ, ପି- ବୃନ୍ଦାବନ ପ୍ରଧାନ, ଗ୍ରା- ନିତରା
	ଖଣ୍ଡିସିନାଗୋଳ	୧୫୫୮	ବେସରକାରୀ	ବାହେ ଫସଲ-୧	୦.୨୦୦	ଗ୍ରା- କୃଷ୍ଣଗିବନ୍ଦ ପ୍ରଧାନ, ଗ୍ରା- ନିତରା
	ଖଣ୍ଡିସିନାଗୋଳ	୧୫୬୮	ବେସରକାରୀ	ବାହେ ଫସଲ-୧	୦.୫୫୦	ଦୁଃଖୀରାମ ପ୍ରଧାନ, ପି- କୃଷ୍ଣଚନ୍ଦ୍ର ପ୍ରଧାନ, ରଘୁନାଥ ପ୍ରଧାନ, ଗ୍ରା- କୃଷ୍ଣଚନ୍ଦ୍ର ପ୍ରଧାନ, ପରମାନନ୍ଦ ପ୍ରଧାନ, କାନ୍ତର ପ୍ରଧାନ, ପି- ବୃନ୍ଦାବନ ପ୍ରଧାନ, ଗ୍ରା- ନିତରା
	ଖଣ୍ଡିସିନାଗୋଳ	୧୫୫୦	ବେସରକାରୀ	ବାହେ ଫସଲ-୧	୦.୨୫୦	ଜନ୍ମଜଣ ପ୍ରଧାନ, କାନ୍ତିରୁ ପ୍ରଧାନ, ବିଶ୍ୱନାଥ ପ୍ରଧାନ, ଉଦୟ ପ୍ରଧାନ, ପି- ମୋହିନୀ ପ୍ରଧାନ, ଗ୍ରା- ନିତରା
	ଖଣ୍ଡିସିନାଗୋଳ	୧୫୯୮	ବେସରକାରୀ	ବାହେ ଫସଲ-୧	୦.୫୫୦	ପ୍ରଭାତ ନାୟକ, କ୍ରୁଷ୍ଣରାଜ ନାୟକ, ପି- ମାନସିନ୍ଧୁ ନାୟକ, ଗ୍ରା-
	ଖଣ୍ଡିସିନାଗୋଳ	୧୫୫୮	ବେସରକାରୀ	ବାହେ ଫସଲ-୧	୦.୫୫୦	ନାୟକ, ଗ୍ରା- ମହେଶ୍ୱର ନାୟକ, ପାଣ୍ଡୁ ନାୟକ, ଗ୍ରା- ନିତରା
	ଖଣ୍ଡିସିନାଗୋଳ	୧୫୦୦	ବେସରକାରୀ	ବାହେ ଫସଲ-୧	୦.୫୫୦	ନାୟକ, ଜିତ ନାୟକ, ଗ୍ରା- ମହେଶ୍ୱର ନାୟକ, ଗ୍ରା- ନିତରା
	ଖଣ୍ଡିସିନାଗୋଳ	୧୫୦୨	ବେସରକାରୀ	ବାହେ ଫସଲ-୧	୦.୫୫୦	ମୁରଲୀଧର ନାୟକ, ପି- ଗୋପାଳ ନାୟକ, ଗ୍ରା- ନିତରା
	ଖଣ୍ଡିସିନାଗୋଳ	୧୫୫୨	ବେସରକାରୀ	ବାହେ ଫସଲ-୧	୦.୫୫୦	ନବାନନ୍ଦ ପ୍ରଧାନ, ପି- ଗୋବିନ୍ଦ ପ୍ରଧାନ, ଗ୍ରା- ନିତରା
	ଖଣ୍ଡିସିନାଗୋଳ	୧୫୨୫	ବେସରକାରୀ	ବାହେ ଫସଲ-୧	୦.୫୫୦	ଲୋକନାଥ ପ୍ରଧାନ, ପି- ଗୋବିନ୍ଦ ପ୍ରଧାନ, ଗ୍ରା- ନିତରା
	ଖଣ୍ଡିସିନାଗୋଳ	୧୫୨୬	ବେସରକାରୀ	ପଡ଼ି ଜଳ	୦.୦୫୦	ଲୋକନାଥ ପ୍ରଧାନ, ପି- ଗୋବିନ୍ଦ ପ୍ରଧାନ, ଗ୍ରା- ନିତରା
(See Next Page)
